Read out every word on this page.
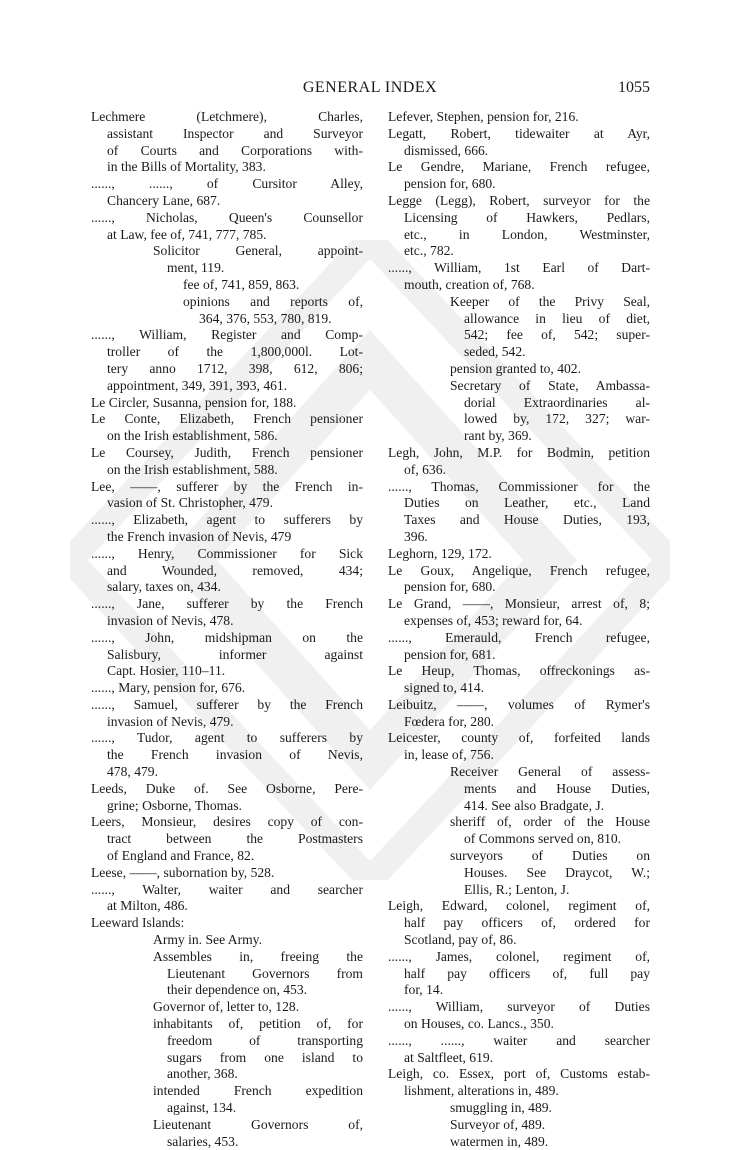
GENERAL INDEX	1055
Lechmere (Letchmere), Charles,
assistant Inspector and Surveyor
of Courts and Corporations with-
in the Bills of Mortality, 383.
......, ......, of Cursitor Alley,
Chancery Lane, 687.
......, Nicholas, Queen's Counsellor
at Law, fee of, 741, 777, 785.
Solicitor General, appoint-
ment, 119.
fee of, 741, 859, 863.
opinions and reports of,
364, 376, 553, 780, 819.
......, William, Register and Comp-
troller of the 1,800,000l. Lot-
tery anno 1712, 398, 612, 806;
appointment, 349, 391, 393, 461.
Le Circler, Susanna, pension for, 188.
Le Conte, Elizabeth, French pensioner
on the Irish establishment, 586.
Le Coursey, Judith, French pensioner
on the Irish establishment, 588.
Lee, ——, sufferer by the French in-
vasion of St. Christopher, 479.
......, Elizabeth, agent to sufferers by
the French invasion of Nevis, 479
......, Henry, Commissioner for Sick
and Wounded, removed, 434;
salary, taxes on, 434.
......, Jane, sufferer by the French
invasion of Nevis, 478.
......, John, midshipman on the
Salisbury, informer against
Capt. Hosier, 110–11.
......, Mary, pension for, 676.
......, Samuel, sufferer by the French
invasion of Nevis, 479.
......, Tudor, agent to sufferers by
the French invasion of Nevis,
478, 479.
Leeds, Duke of. See Osborne, Pere-
grine; Osborne, Thomas.
Leers, Monsieur, desires copy of con-
tract between the Postmasters
of England and France, 82.
Leese, ——, subornation by, 528.
......, Walter, waiter and searcher
at Milton, 486.
Leeward Islands:
Army in. See Army.
Assembles in, freeing the
Lieutenant Governors from
their dependence on, 453.
Governor of, letter to, 128.
inhabitants of, petition of, for
freedom of transporting
sugars from one island to
another, 368.
intended French expedition
against, 134.
Lieutenant Governors of,
salaries, 453.
Lefever, Stephen, pension for, 216.
Legatt, Robert, tidewaiter at Ayr,
dismissed, 666.
Le Gendre, Mariane, French refugee,
pension for, 680.
Legge (Legg), Robert, surveyor for the
Licensing of Hawkers, Pedlars,
etc., in London, Westminster,
etc., 782.
......, William, 1st Earl of Dart-
mouth, creation of, 768.
Keeper of the Privy Seal,
allowance in lieu of diet,
542; fee of, 542; super-
seded, 542.
pension granted to, 402.
Secretary of State, Ambassa-
dorial Extraordinaries al-
lowed by, 172, 327; war-
rant by, 369.
Legh, John, M.P. for Bodmin, petition
of, 636.
......, Thomas, Commissioner for the
Duties on Leather, etc., Land
Taxes and House Duties, 193,
396.
Leghorn, 129, 172.
Le Goux, Angelique, French refugee,
pension for, 680.
Le Grand, ——, Monsieur, arrest of, 8;
expenses of, 453; reward for, 64.
......, Emerauld, French refugee,
pension for, 681.
Le Heup, Thomas, offreckonings as-
signed to, 414.
Leibuitz, ——, volumes of Rymer's
Fœdera for, 280.
Leicester, county of, forfeited lands
in, lease of, 756.
Receiver General of assess-
ments and House Duties,
414. See also Bradgate, J.
sheriff of, order of the House
of Commons served on, 810.
surveyors of Duties on
Houses. See Draycot, W.;
Ellis, R.; Lenton, J.
Leigh, Edward, colonel, regiment of,
half pay officers of, ordered for
Scotland, pay of, 86.
......, James, colonel, regiment of,
half pay officers of, full pay
for, 14.
......, William, surveyor of Duties
on Houses, co. Lancs., 350.
......, ......, waiter and searcher
at Saltfleet, 619.
Leigh, co. Essex, port of, Customs estab-
lishment, alterations in, 489.
smuggling in, 489.
Surveyor of, 489.
watermen in, 489.
